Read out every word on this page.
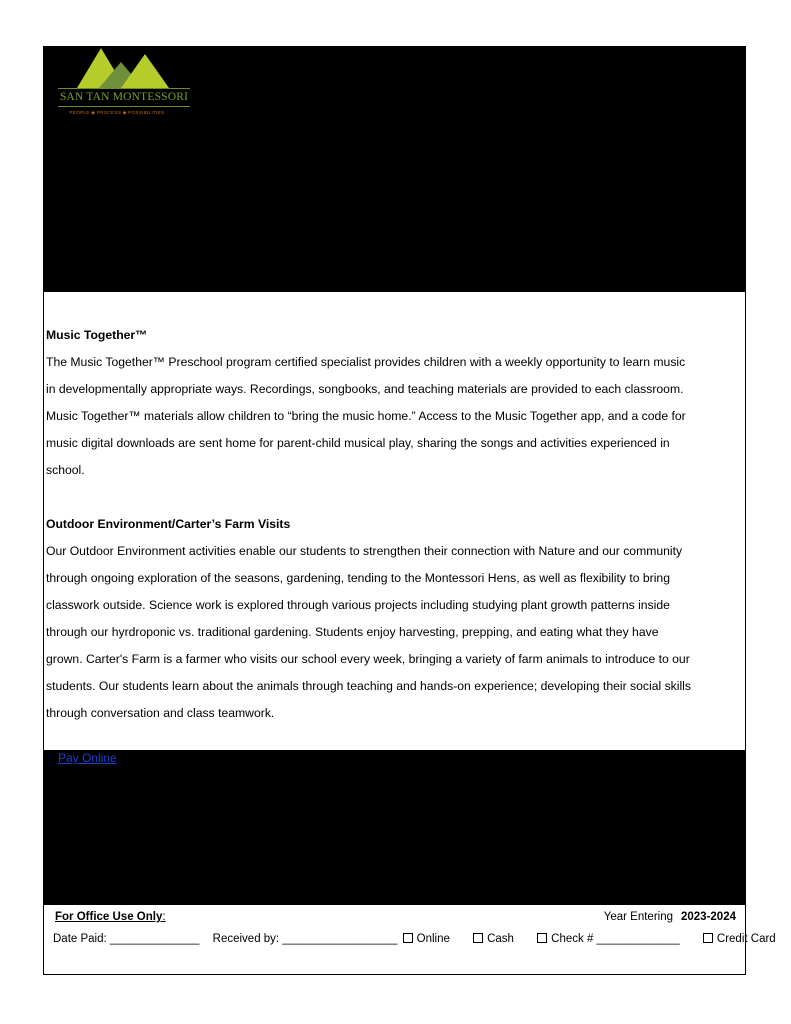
SAN TAN MONTESSORI
PEOPLE ◆ PROCESS ◆ POSSIBILITIES
Music Together™
The Music Together™ Preschool program certified specialist provides children with a weekly opportunity to learn music
in developmentally appropriate ways. Recordings, songbooks, and teaching materials are provided to each classroom.
Music Together™ materials allow children to “bring the music home.” Access to the Music Together app, and a code for
music digital downloads are sent home for parent-child musical play, sharing the songs and activities experienced in
school.
Outdoor Environment/Carter’s Farm Visits
Our Outdoor Environment activities enable our students to strengthen their connection with Nature and our community
through ongoing exploration of the seasons, gardening, tending to the Montessori Hens, as well as flexibility to bring
classwork outside. Science work is explored through various projects including studying plant growth patterns inside
through our hyrdroponic vs. traditional gardening. Students enjoy harvesting, prepping, and eating what they have
grown. Carter's Farm is a farmer who visits our school every week, bringing a variety of farm animals to introduce to our
students. Our students learn about the animals through teaching and hands-on experience; developing their social skills
through conversation and class teamwork.
Pay Online
For Office Use Only:	Year Entering 2023-2024
Date Paid: ______________ Received by: __________________ Online	Cash	Check # _____________	Credit Card
